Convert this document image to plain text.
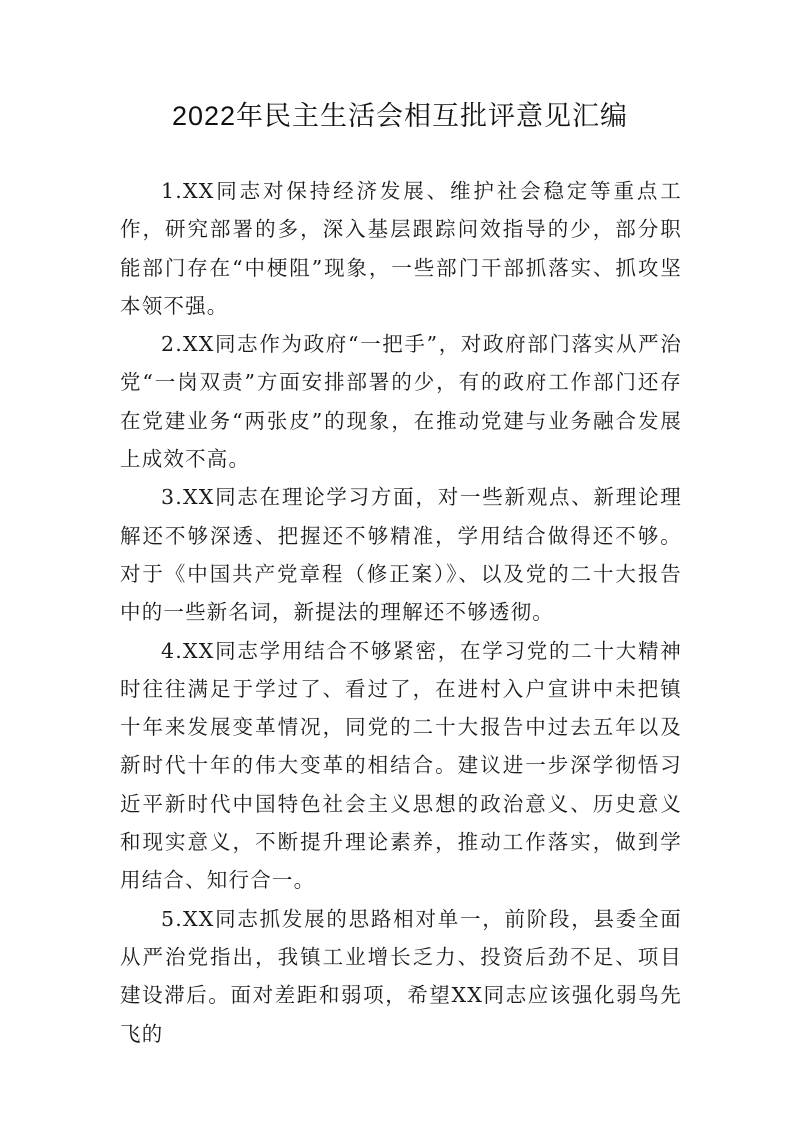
2022年民主生活会相互批评意见汇编

1.XX同志对保持经济发展、维护社会稳定等重点工作，研究部署的多，深入基层跟踪问效指导的少，部分职能部门存在“中梗阻”现象，一些部门干部抓落实、抓攻坚本领不强。

2.XX同志作为政府“一把手”，对政府部门落实从严治党“一岗双责”方面安排部署的少，有的政府工作部门还存在党建业务“两张皮”的现象，在推动党建与业务融合发展上成效不高。

3.XX同志在理论学习方面，对一些新观点、新理论理解还不够深透、把握还不够精准，学用结合做得还不够。对于《中国共产党章程（修正案）》、以及党的二十大报告中的一些新名词，新提法的理解还不够透彻。

4.XX同志学用结合不够紧密，在学习党的二十大精神时往往满足于学过了、看过了，在进村入户宣讲中未把镇十年来发展变革情况，同党的二十大报告中过去五年以及新时代十年的伟大变革的相结合。建议进一步深学彻悟习近平新时代中国特色社会主义思想的政治意义、历史意义和现实意义，不断提升理论素养，推动工作落实，做到学用结合、知行合一。

5.XX同志抓发展的思路相对单一，前阶段，县委全面从严治党指出，我镇工业增长乏力、投资后劲不足、项目建设滞后。面对差距和弱项，希望XX同志应该强化弱鸟先飞的
